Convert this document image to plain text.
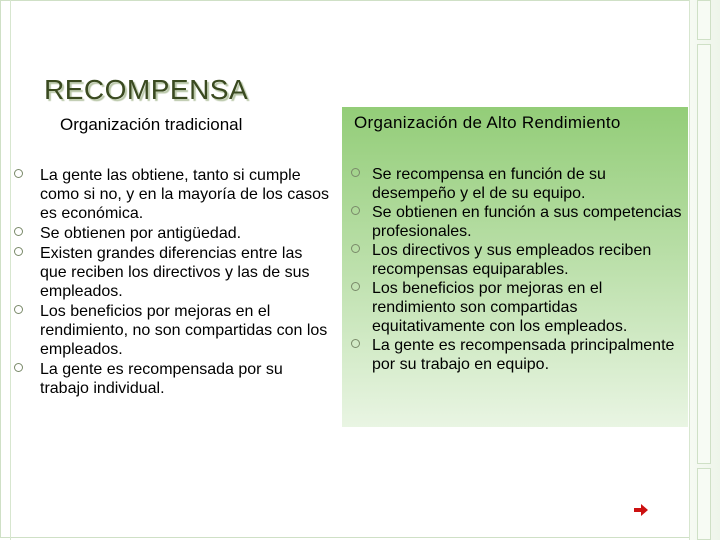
RECOMPENSA
Organización tradicional
La gente las obtiene, tanto si cumple como si no, y en la mayoría de los casos es económica.
Se obtienen por antigüedad.
Existen grandes diferencias entre las que reciben los directivos y las de sus empleados.
Los beneficios por mejoras en el rendimiento, no son compartidas con los empleados.
La gente es recompensada por su trabajo individual.
Organización de Alto Rendimiento
Se recompensa en función de su desempeño y el de su equipo.
Se obtienen en función a sus competencias profesionales.
Los directivos y sus empleados reciben recompensas equiparables.
Los beneficios por mejoras en el rendimiento son compartidas equitativamente con los empleados.
La gente es recompensada principalmente por su trabajo en equipo.
